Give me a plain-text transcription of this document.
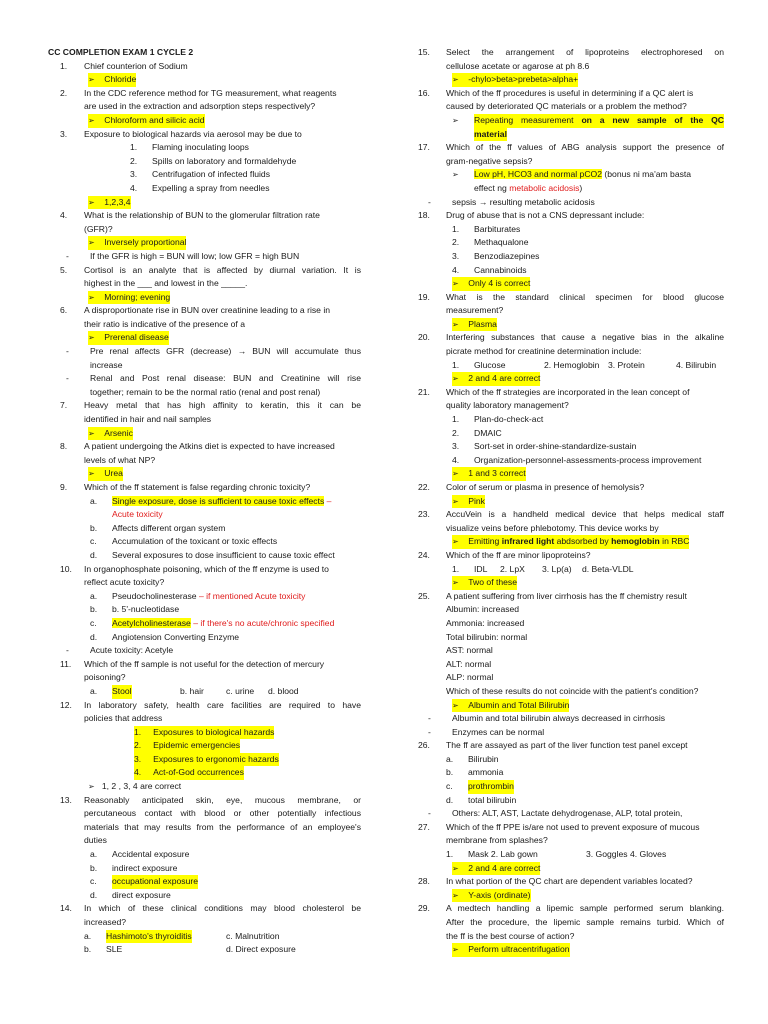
CC COMPLETION EXAM 1 CYCLE 2
1. Chief counterion of Sodium
➢ Chloride
2. In the CDC reference method for TG measurement, what reagents
are used in the extraction and adsorption steps respectively?
➢ Chloroform and silicic acid
3. Exposure to biological hazards via aerosol may be due to
1. Flaming inoculating loops
2. Spills on laboratory and formaldehyde
3. Centrifugation of infected fluids
4. Expelling a spray from needles
➢ 1,2,3,4
4. What is the relationship of BUN to the glomerular filtration rate
(GFR)?
➢ Inversely proportional
- If the GFR is high = BUN will low; low GFR = high BUN
5. Cortisol is an analyte that is affected by diurnal variation. It is
highest in the ___ and lowest in the _____.
➢ Morning; evening
6. A disproportionate rise in BUN over creatinine leading to a rise in
their ratio is indicative of the presence of a
➢ Prerenal disease
- Pre renal affects GFR (decrease) → BUN will accumulate thus
increase
- Renal and Post renal disease: BUN and Creatinine will rise
together; remain to be the normal ratio (renal and post renal)
7. Heavy metal that has high affinity to keratin, this it can be
identified in hair and nail samples
➢ Arsenic
8. A patient undergoing the Atkins diet is expected to have increased
levels of what NP?
➢ Urea
9. Which of the ff statement is false regarding chronic toxicity?
a. Single exposure, dose is sufficient to cause toxic effects –
Acute toxicity
b. Affects different organ system
c. Accumulation of the toxicant or toxic effects
d. Several exposures to dose insufficient to cause toxic effect
10. In organophosphate poisoning, which of the ff enzyme is used to
reflect acute toxicity?
a. Pseudocholinesterase – if mentioned Acute toxicity
b. b. 5'-nucleotidase
c. Acetylcholinesterase – if there's no acute/chronic specified
d. Angiotension Converting Enzyme
- Acute toxicity: Acetyle
11. Which of the ff sample is not useful for the detection of mercury
poisoning?
a. Stool	b. hair	c. urine d. blood
12. In laboratory safety, health care facilities are required to have
policies that address
1. Exposures to biological hazards
2. Epidemic emergencies
3. Exposures to ergonomic hazards
4. Act-of-God occurrences
➢ 1, 2 , 3, 4 are correct
13. Reasonably anticipated skin, eye, mucous membrane, or
percutaneous contact with blood or other potentially infectious
materials that may results from the performance of an employee's
duties
a. Accidental exposure
b. indirect exposure
c. occupational exposure
d. direct exposure
14. In which of these clinical conditions may blood cholesterol be
increased?
a. Hashimoto's thyroiditis	c. Malnutrition
b. SLE	d. Direct exposure
15. Select the arrangement of lipoproteins electrophoresed on
cellulose acetate or agarose at ph 8.6
➢ -chylo>beta>prebeta>alpha+
16. Which of the ff procedures is useful in determining if a QC alert is
caused by deteriorated QC materials or a problem the method?
➢ Repeating measurement on a new sample of the QC
material
17. Which of the ff values of ABG analysis support the presence of
gram-negative sepsis?
➢ Low pH, HCO3 and normal pCO2 (bonus ni ma'am basta
effect ng metabolic acidosis)
- sepsis → resulting metabolic acidosis
18. Drug of abuse that is not a CNS depressant include:
1. Barbiturates
2. Methaqualone
3. Benzodiazepines
4. Cannabinoids
➢ Only 4 is correct
19. What is the standard clinical specimen for blood glucose
measurement?
➢ Plasma
20. Interfering substances that cause a negative bias in the alkaline
picrate method for creatinine determination include:
1. Glucose	2. Hemoglobin 3. Protein	4. Bilirubin
➢ 2 and 4 are correct
21. Which of the ff strategies are incorporated in the lean concept of
quality laboratory management?
1. Plan-do-check-act
2. DMAIC
3. Sort-set in order-shine-standardize-sustain
4. Organization-personnel-assessments-process improvement
➢ 1 and 3 correct
22. Color of serum or plasma in presence of hemolysis?
➢ Pink
23. AccuVein is a handheld medical device that helps medical staff
visualize veins before phlebotomy. This device works by
➢ Emitting infrared light abdsorbed by hemoglobin in RBC
24. Which of the ff are minor lipoproteins?
1. IDL 2. LpX 3. Lp(a) d. Beta-VLDL
➢ Two of these
25. A patient suffering from liver cirrhosis has the ff chemistry result
Albumin: increased
Ammonia: increased
Total bilirubin: normal
AST: normal
ALT: normal
ALP: normal
Which of these results do not coincide with the patient's condition?
➢ Albumin and Total Bilirubin
- Albumin and total bilirubin always decreased in cirrhosis
- Enzymes can be normal
26. The ff are assayed as part of the liver function test panel except
a. Bilirubin
b. ammonia
c. prothrombin
d. total bilirubin
- Others: ALT, AST, Lactate dehydrogenase, ALP, total protein,
27. Which of the ff PPE is/are not used to prevent exposure of mucous
membrane from splashes?
1. Mask 2. Lab gown	3. Goggles 4. Gloves
➢ 2 and 4 are correct
28. In what portion of the QC chart are dependent variables located?
➢ Y-axis (ordinate)
29. A medtech handling a lipemic sample performed serum blanking.
After the procedure, the lipemic sample remains turbid. Which of
the ff is the best course of action?
➢ Perform ultracentrifugation
